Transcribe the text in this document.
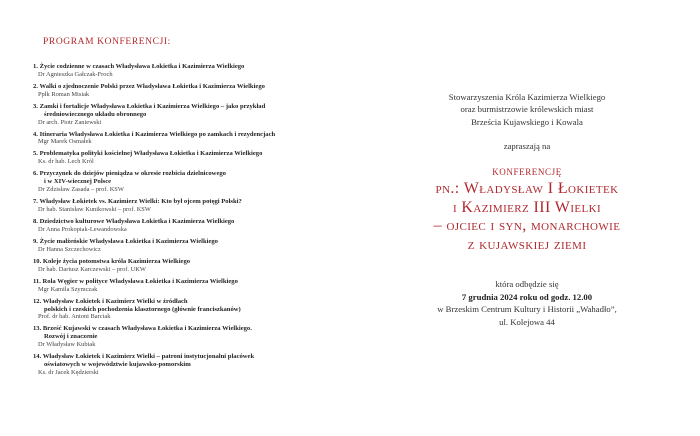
PROGRAM KONFERENCJI:
1. Życie codzienne w czasach Władysława Łokietka i Kazimierza Wielkiego
Dr Agnieszka Gałczak-Froch
2. Walki o zjednoczenie Polski przez Władysława Łokietka i Kazimierza Wielkiego
Ppłk Roman Misiak
3. Zamki i fortalicje Władysława Łokietka i Kazimierza Wielkiego – jako przykład
średniowiecznego układu obronnego
Dr arch. Piotr Zaniewski
4. Itineraria Władysława Łokietka i Kazimierza Wielkiego po zamkach i rezydencjach
Mgr Marek Osmałek
5. Problematyka polityki kościelnej Władysława Łokietka i Kazimierza Wielkiego
Ks. dr hab. Lech Król
6. Przyczynek do dziejów pieniądza w okresie rozbicia dzielnicowego
i w XIV-wiecznej Polsce
Dr Zdzisław Zasada – prof. KSW
7. Władysław Łokietek vs. Kazimierz Wielki: Kto był ojcem potęgi Polski?
Dr hab. Stanisław Kunikowski – prof. KSW
8. Dziedzictwo kulturowe Władysława Łokietka i Kazimierza Wielkiego
Dr Anna Prokopiak-Lewandowska
9. Życie małżeńskie Władysława Łokietka i Kazimierza Wielkiego
Dr Hanna Szczechowicz
10. Koleje życia potomstwa króla Kazimierza Wielkiego
Dr hab. Dariusz Karczewski – prof. UKW
11. Rola Węgier w polityce Władysława Łokietka i Kazimierza Wielkiego
Mgr Kamila Szymczak
12. Władysław Łokietek i Kazimierz Wielki w źródłach
polskich i czeskich pochodzenia klasztornego (głównie franciszkanów)
Prof. dr hab. Antoni Barciak
13. Brześć Kujawski w czasach Władysława Łokietka i Kazimierza Wielkiego.
Rozwój i znaczenie
Dr Władysław Kubiak
14. Władysław Łokietek i Kazimierz Wielki – patroni instytucjonalni placówek
oświatowych w województwie kujawsko-pomorskim
Ks. dr Jacek Kędzierski
Stowarzyszenia Króla Kazimierza Wielkiego
oraz burmistrzowie królewskich miast
Brześcia Kujawskiego i Kowala
zapraszają na
KONFERENCJĘ
pn.: Władysław I Łokietek
i Kazimierz III Wielki
– ojciec i syn, monarchowie
z kujawskiej ziemi
która odbędzie się
7 grudnia 2024 roku od godz. 12.00
w Brzeskim Centrum Kultury i Historii „Wahadło”,
ul. Kolejowa 44
